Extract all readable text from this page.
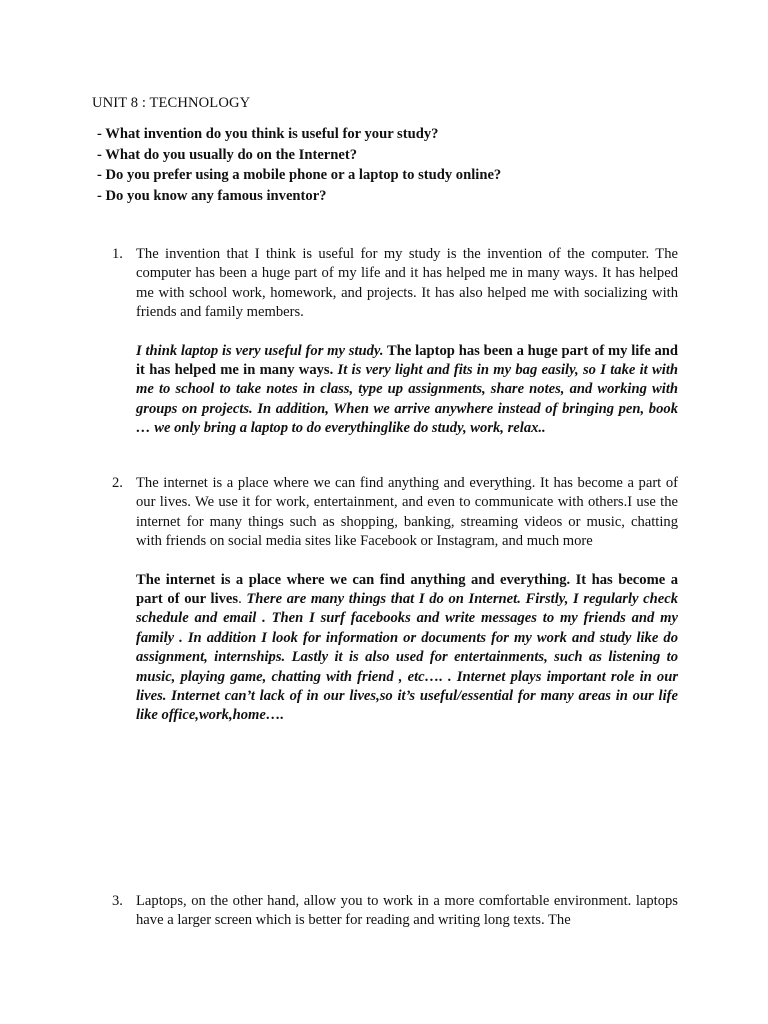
UNIT 8 : TECHNOLOGY
- What invention do you think is useful for your study?
- What do you usually do on the Internet?
- Do you prefer using a mobile phone or a laptop to study online?
- Do you know any famous inventor?
1. The invention that I think is useful for my study is the invention of the computer. The computer has been a huge part of my life and it has helped me in many ways. It has helped me with school work, homework, and projects. It has also helped me with socializing with friends and family members.

I think laptop is very useful for my study. The laptop has been a huge part of my life and it has helped me in many ways. It is very light and fits in my bag easily, so I take it with me to school to take notes in class, type up assignments, share notes, and working with groups on projects. In addition, When we arrive anywhere instead of bringing pen, book … we only bring a laptop to do everythinglike do study, work, relax..

2. The internet is a place where we can find anything and everything. It has become a part of our lives. We use it for work, entertainment, and even to communicate with others.I use the internet for many things such as shopping, banking, streaming videos or music, chatting with friends on social media sites like Facebook or Instagram, and much more

The internet is a place where we can find anything and everything. It has become a part of our lives. There are many things that I do on Internet. Firstly, I regularly check schedule and email . Then I surf facebooks and write messages to my friends and my family . In addition I look for information or documents for my work and study like do assignment, internships. Lastly it is also used for entertainments, such as listening to music, playing game, chatting with friend , etc…. . Internet plays important role in our lives. Internet can’t lack of in our lives,so it’s useful/essential for many areas in our life like office,work,home….

3. Laptops, on the other hand, allow you to work in a more comfortable environment. laptops have a larger screen which is better for reading and writing long texts. The
